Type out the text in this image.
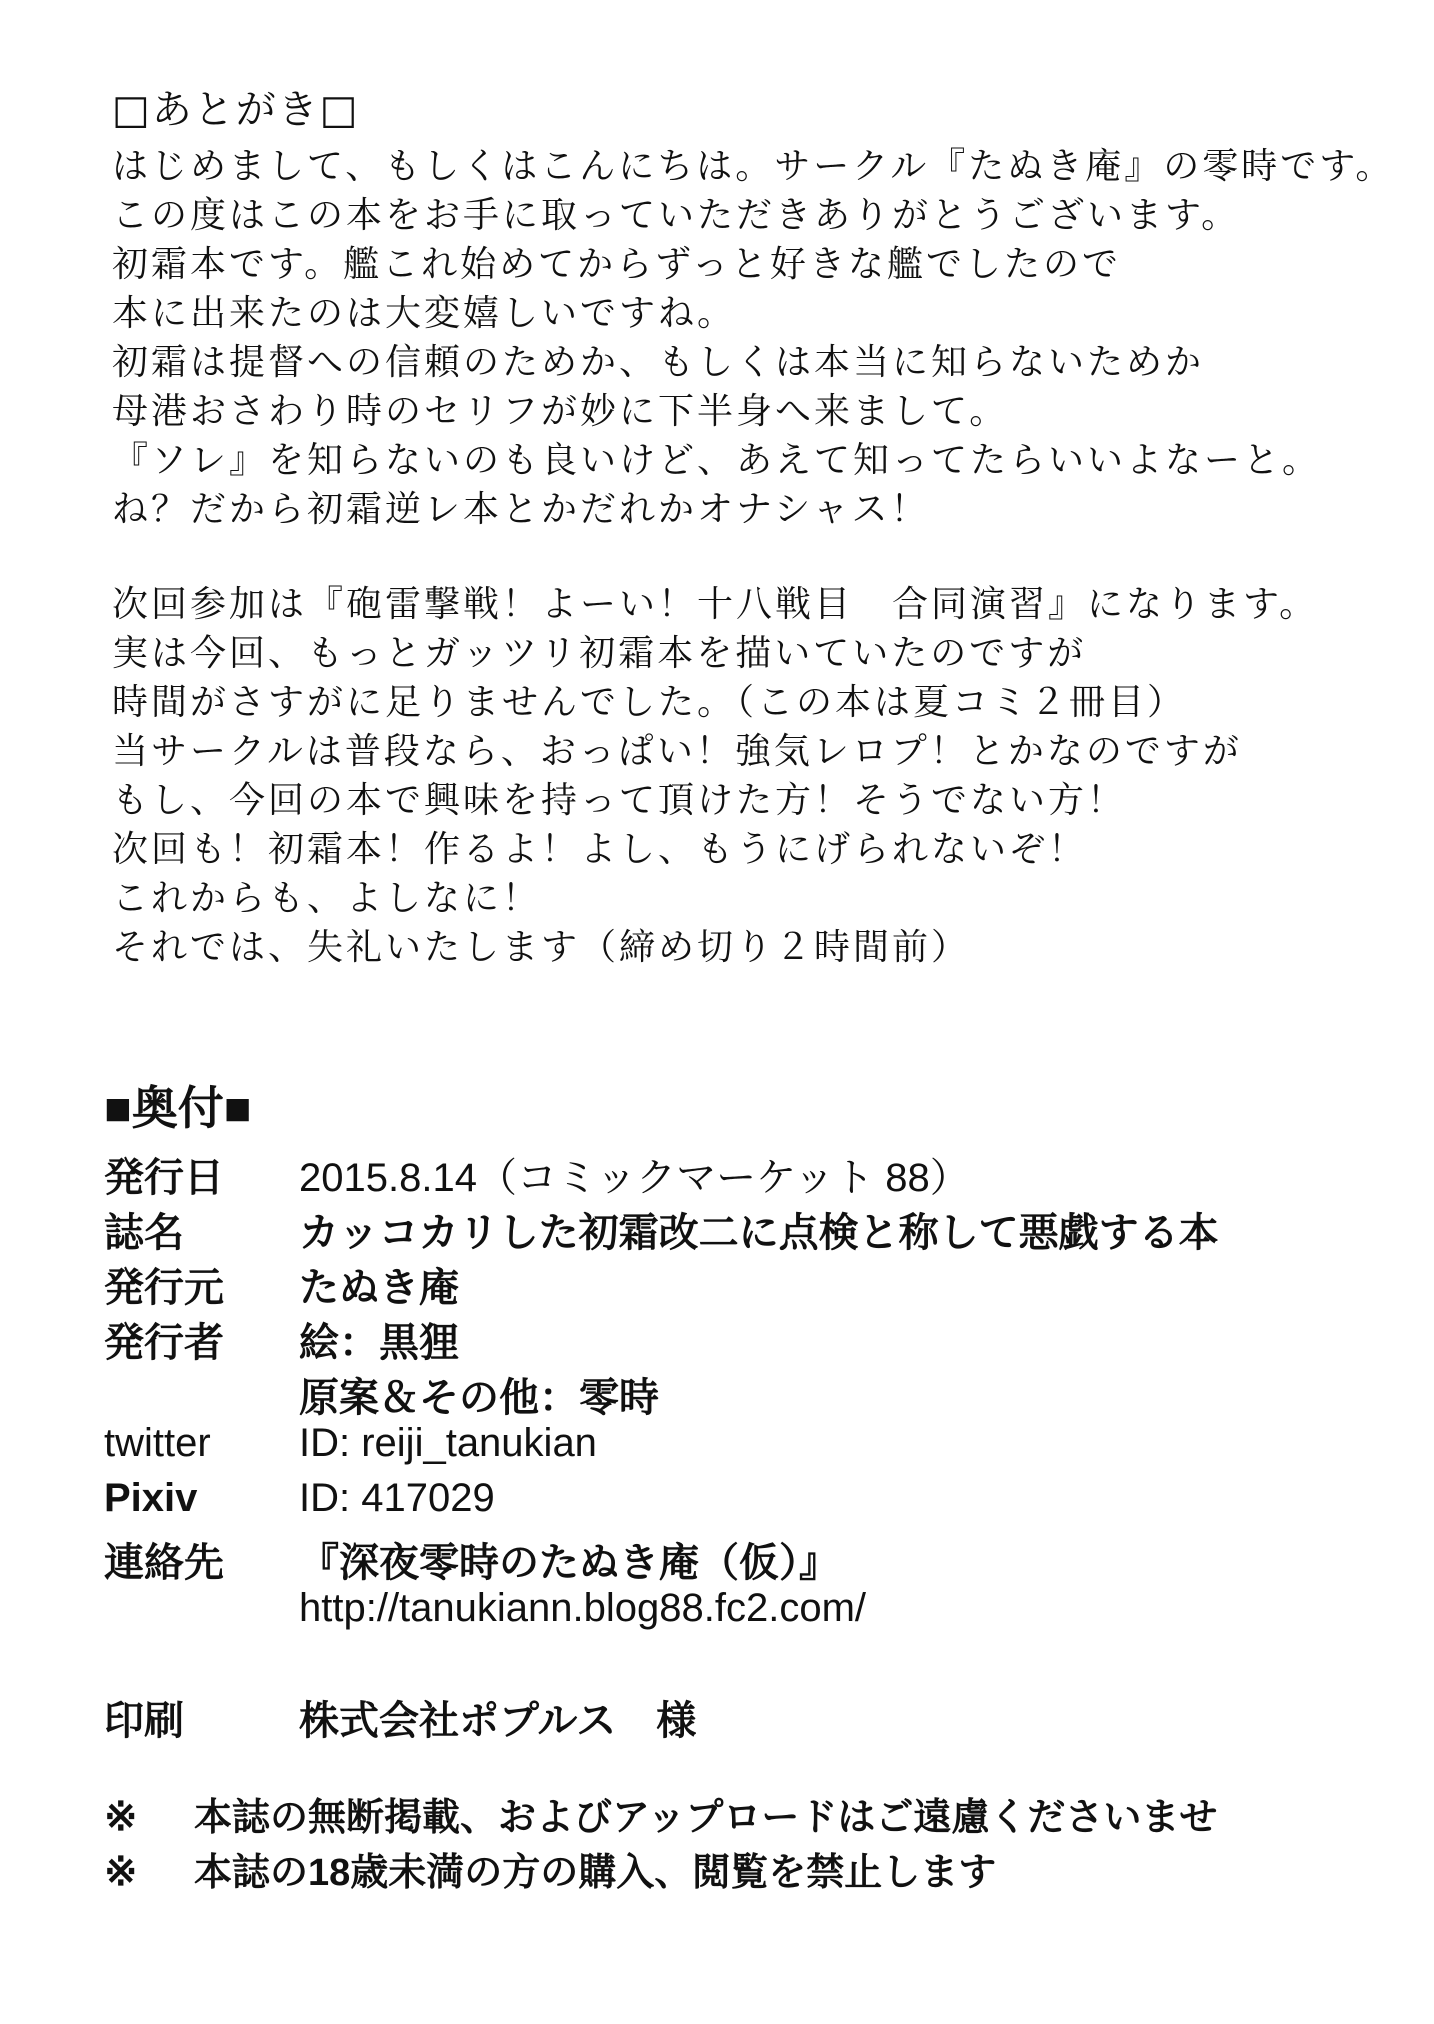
□あとがき□
はじめまして、もしくはこんにちは。サークル『たぬき庵』の零時です。
この度はこの本をお手に取っていただきありがとうございます。
初霜本です。艦これ始めてからずっと好きな艦でしたので
本に出来たのは大変嬉しいですね。
初霜は提督への信頼のためか、もしくは本当に知らないためか
母港おさわり時のセリフが妙に下半身へ来まして。
『ソレ』を知らないのも良いけど、あえて知ってたらいいよなーと。
ね？だから初霜逆レ本とかだれかオナシャス！
次回参加は『砲雷撃戦！よーい！十八戦目　合同演習』になります。
実は今回、もっとガッツリ初霜本を描いていたのですが
時間がさすがに足りませんでした。（この本は夏コミ２冊目）
当サークルは普段なら、おっぱい！強気レロプ！とかなのですが
もし、今回の本で興味を持って頂けた方！そうでない方！
次回も！初霜本！作るよ！よし、もうにげられないぞ！
これからも、よしなに！
それでは、失礼いたします（締め切り２時間前）
■奥付■
発行日	2015.8.14（コミックマーケット 88）
誌名	カッコカリした初霜改二に点検と称して悪戯する本
発行元	たぬき庵
発行者	絵：黒狸
原案＆その他：零時
twitter	ID: reiji_tanukian
Pixiv	ID: 417029
連絡先	『深夜零時のたぬき庵（仮）』
http://tanukiann.blog88.fc2.com/
印刷	株式会社ポプルス　様
※	本誌の無断掲載、およびアップロードはご遠慮くださいませ
※	本誌の18歳未満の方の購入、閲覧を禁止します
